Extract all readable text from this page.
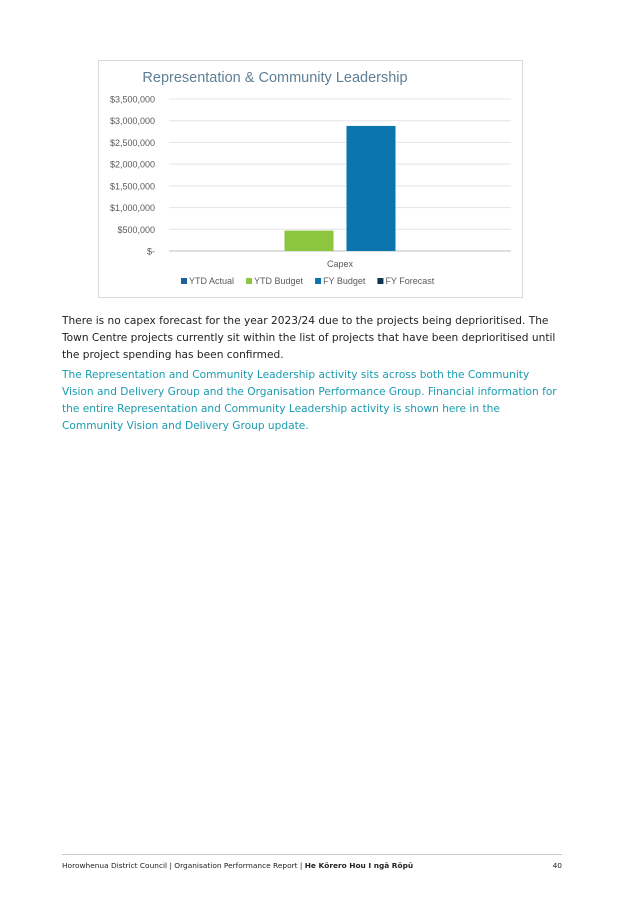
Representation & Community Leadership
$-
$500,000
$1,000,000
$1,500,000
$2,000,000
$2,500,000
$3,000,000
$3,500,000
Capex
YTD Actual YTD Budget FY Budget FY Forecast

There is no capex forecast for the year 2023/24 due to the projects being deprioritised. The Town Centre projects currently sit within the list of projects that have been deprioritised until the project spending has been confirmed.

The Representation and Community Leadership activity sits across both the Community Vision and Delivery Group and the Organisation Performance Group. Financial information for the entire Representation and Community Leadership activity is shown here in the Community Vision and Delivery Group update.

Horowhenua District Council | Organisation Performance Report | He Kōrero Hou I ngā Rōpū	40
